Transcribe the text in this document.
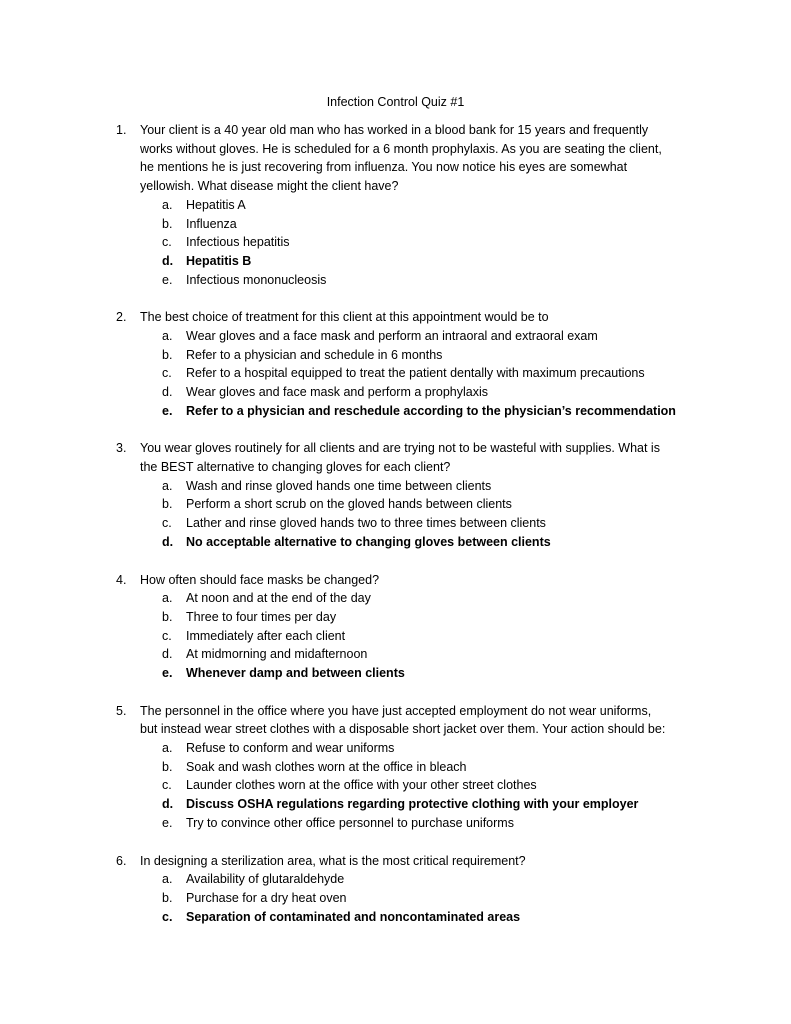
Infection Control Quiz #1
1. Your client is a 40 year old man who has worked in a blood bank for 15 years and frequently
works without gloves. He is scheduled for a 6 month prophylaxis. As you are seating the client,
he mentions he is just recovering from influenza. You now notice his eyes are somewhat
yellowish. What disease might the client have?
a. Hepatitis A
b. Influenza
c. Infectious hepatitis
d. Hepatitis B
e. Infectious mononucleosis
2. The best choice of treatment for this client at this appointment would be to
a. Wear gloves and a face mask and perform an intraoral and extraoral exam
b. Refer to a physician and schedule in 6 months
c. Refer to a hospital equipped to treat the patient dentally with maximum precautions
d. Wear gloves and face mask and perform a prophylaxis
e. Refer to a physician and reschedule according to the physician’s recommendation
3. You wear gloves routinely for all clients and are trying not to be wasteful with supplies. What is
the BEST alternative to changing gloves for each client?
a. Wash and rinse gloved hands one time between clients
b. Perform a short scrub on the gloved hands between clients
c. Lather and rinse gloved hands two to three times between clients
d. No acceptable alternative to changing gloves between clients
4. How often should face masks be changed?
a. At noon and at the end of the day
b. Three to four times per day
c. Immediately after each client
d. At midmorning and midafternoon
e. Whenever damp and between clients
5. The personnel in the office where you have just accepted employment do not wear uniforms,
but instead wear street clothes with a disposable short jacket over them. Your action should be:
a. Refuse to conform and wear uniforms
b. Soak and wash clothes worn at the office in bleach
c. Launder clothes worn at the office with your other street clothes
d. Discuss OSHA regulations regarding protective clothing with your employer
e. Try to convince other office personnel to purchase uniforms
6. In designing a sterilization area, what is the most critical requirement?
a. Availability of glutaraldehyde
b. Purchase for a dry heat oven
c. Separation of contaminated and noncontaminated areas
